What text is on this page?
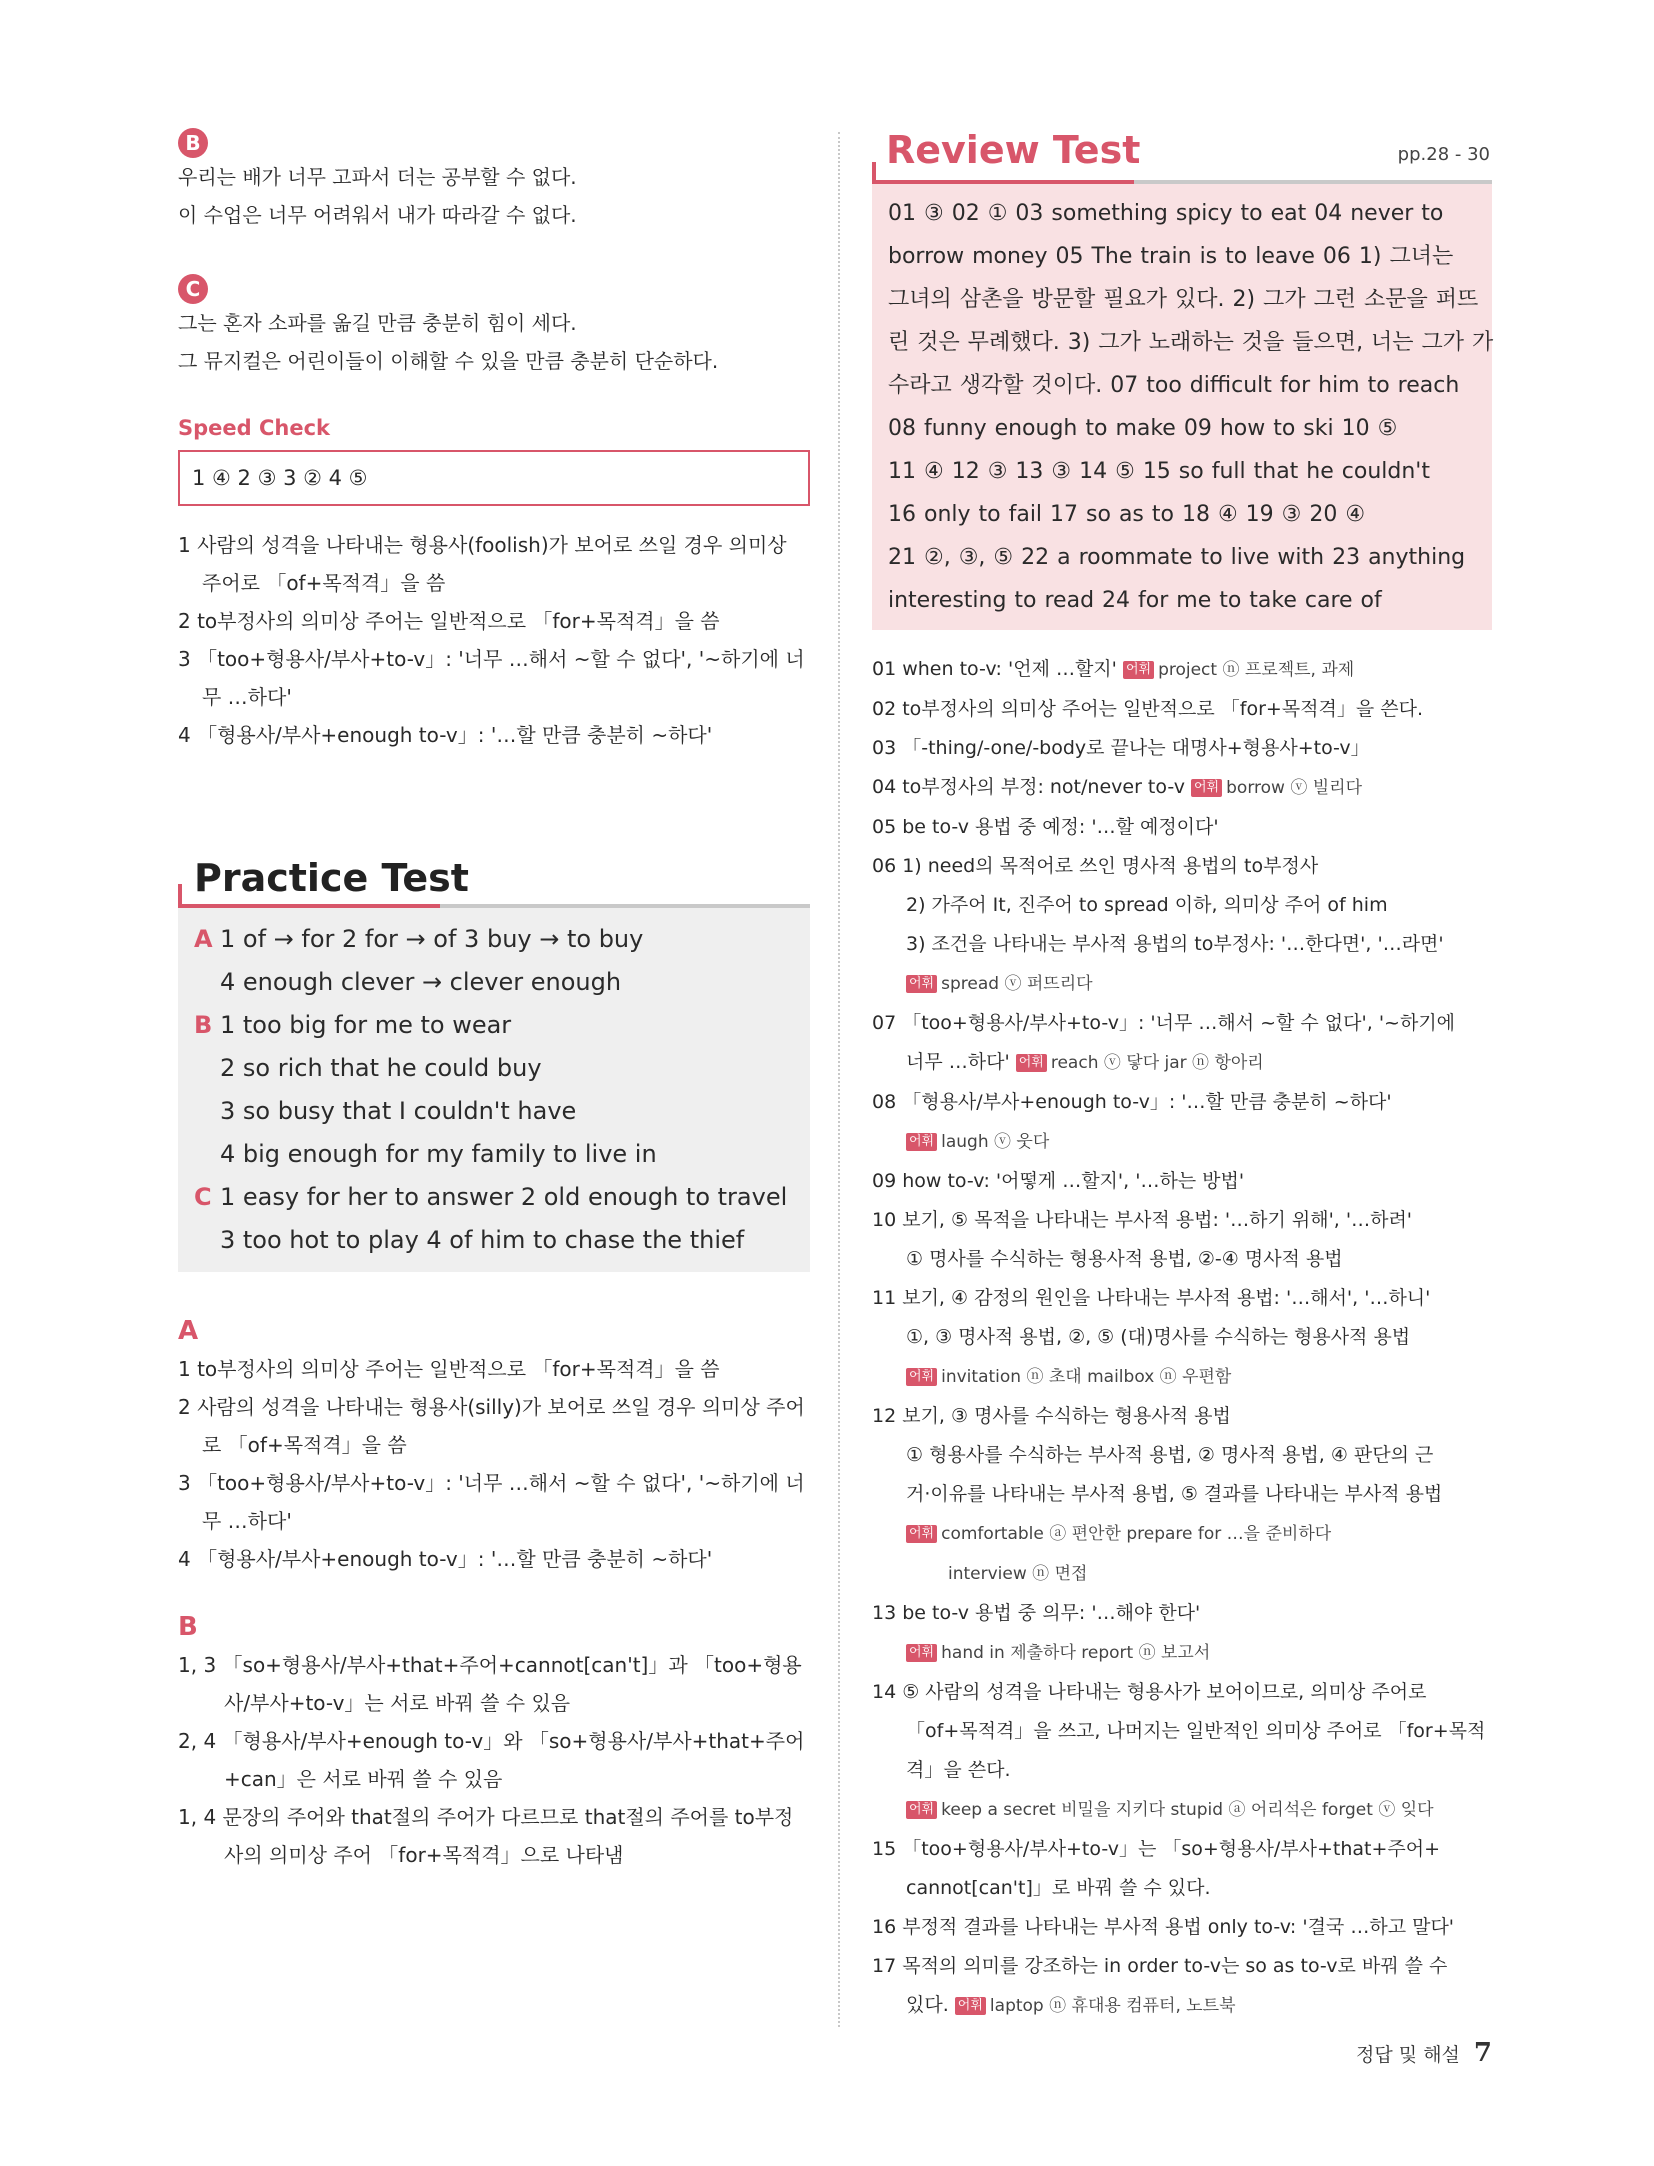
B

우리는 배가 너무 고파서 더는 공부할 수 없다.

이 수업은 너무 어려워서 내가 따라갈 수 없다.

C

그는 혼자 소파를 옮길 만큼 충분히 힘이 세다.

그 뮤지컬은 어린이들이 이해할 수 있을 만큼 충분히 단순하다.

Speed Check

1 ④ 2 ③ 3 ② 4 ⑤

1 사람의 성격을 나타내는 형용사(foolish)가 보어로 쓰일 경우 의미상 주어로 「of+목적격」을 씀

2 to부정사의 의미상 주어는 일반적으로 「for+목적격」을 씀

3 「too+형용사/부사+to-v」: '너무 …해서 ~할 수 없다', '~하기에 너무 …하다'

4 「형용사/부사+enough to-v」: '…할 만큼 충분히 ~하다'

Practice Test
A 1 of → for 2 for → of 3 buy → to buy
4 enough clever → clever enough
B 1 too big for me to wear
2 so rich that he could buy
3 so busy that I couldn't have
4 big enough for my family to live in
C 1 easy for her to answer 2 old enough to travel
3 too hot to play 4 of him to chase the thief

A

1 to부정사의 의미상 주어는 일반적으로 「for+목적격」을 씀

2 사람의 성격을 나타내는 형용사(silly)가 보어로 쓰일 경우 의미상 주어로 「of+목적격」을 씀

3 「too+형용사/부사+to-v」: '너무 …해서 ~할 수 없다', '~하기에 너무 …하다'

4 「형용사/부사+enough to-v」: '…할 만큼 충분히 ~하다'

B

1, 3 「so+형용사/부사+that+주어+cannot[can't]」과 「too+형용사/부사+to-v」는 서로 바꿔 쓸 수 있음

2, 4 「형용사/부사+enough to-v」와 「so+형용사/부사+that+주어+can」은 서로 바꿔 쓸 수 있음

1, 4 문장의 주어와 that절의 주어가 다르므로 that절의 주어를 to부정사의 의미상 주어 「for+목적격」으로 나타냄

Review Test	pp.28 - 30
01 ③ 02 ① 03 something spicy to eat 04 never to
borrow money 05 The train is to leave 06 1) 그녀는
그녀의 삼촌을 방문할 필요가 있다. 2) 그가 그런 소문을 퍼뜨
린 것은 무례했다. 3) 그가 노래하는 것을 들으면, 너는 그가 가
수라고 생각할 것이다. 07 too difficult for him to reach
08 funny enough to make 09 how to ski 10 ⑤
11 ④ 12 ③ 13 ③ 14 ⑤ 15 so full that he couldn't
16 only to fail 17 so as to 18 ④ 19 ③ 20 ④
21 ②, ③, ⑤ 22 a roommate to live with 23 anything
interesting to read 24 for me to take care of

01 when to-v: '언제 …할지' 어휘 project ⓝ 프로젝트, 과제

02 to부정사의 의미상 주어는 일반적으로 「for+목적격」을 쓴다.

03 「-thing/-one/-body로 끝나는 대명사+형용사+to-v」

04 to부정사의 부정: not/never to-v 어휘 borrow ⓥ 빌리다

05 be to-v 용법 중 예정: '…할 예정이다'

06 1) need의 목적어로 쓰인 명사적 용법의 to부정사

2) 가주어 It, 진주어 to spread 이하, 의미상 주어 of him

3) 조건을 나타내는 부사적 용법의 to부정사: '…한다면', '…라면'

어휘 spread ⓥ 퍼뜨리다

07 「too+형용사/부사+to-v」: '너무 …해서 ~할 수 없다', '~하기에

너무 …하다' 어휘 reach ⓥ 닿다 jar ⓝ 항아리

08 「형용사/부사+enough to-v」: '…할 만큼 충분히 ~하다'

어휘 laugh ⓥ 웃다

09 how to-v: '어떻게 …할지', '…하는 방법'

10 보기, ⑤ 목적을 나타내는 부사적 용법: '…하기 위해', '…하려'

① 명사를 수식하는 형용사적 용법, ②-④ 명사적 용법

11 보기, ④ 감정의 원인을 나타내는 부사적 용법: '…해서', '…하니'

①, ③ 명사적 용법, ②, ⑤ (대)명사를 수식하는 형용사적 용법

어휘 invitation ⓝ 초대 mailbox ⓝ 우편함

12 보기, ③ 명사를 수식하는 형용사적 용법

① 형용사를 수식하는 부사적 용법, ② 명사적 용법, ④ 판단의 근

거·이유를 나타내는 부사적 용법, ⑤ 결과를 나타내는 부사적 용법

어휘 comfortable ⓐ 편안한 prepare for …을 준비하다

interview ⓝ 면접

13 be to-v 용법 중 의무: '…해야 한다'

어휘 hand in 제출하다 report ⓝ 보고서

14 ⑤ 사람의 성격을 나타내는 형용사가 보어이므로, 의미상 주어로

「of+목적격」을 쓰고, 나머지는 일반적인 의미상 주어로 「for+목적

격」을 쓴다.

어휘 keep a secret 비밀을 지키다 stupid ⓐ 어리석은 forget ⓥ 잊다

15 「too+형용사/부사+to-v」는 「so+형용사/부사+that+주어+

cannot[can't]」로 바꿔 쓸 수 있다.

16 부정적 결과를 나타내는 부사적 용법 only to-v: '결국 …하고 말다'

17 목적의 의미를 강조하는 in order to-v는 so as to-v로 바꿔 쓸 수

있다. 어휘 laptop ⓝ 휴대용 컴퓨터, 노트북

정답 및 해설 7
